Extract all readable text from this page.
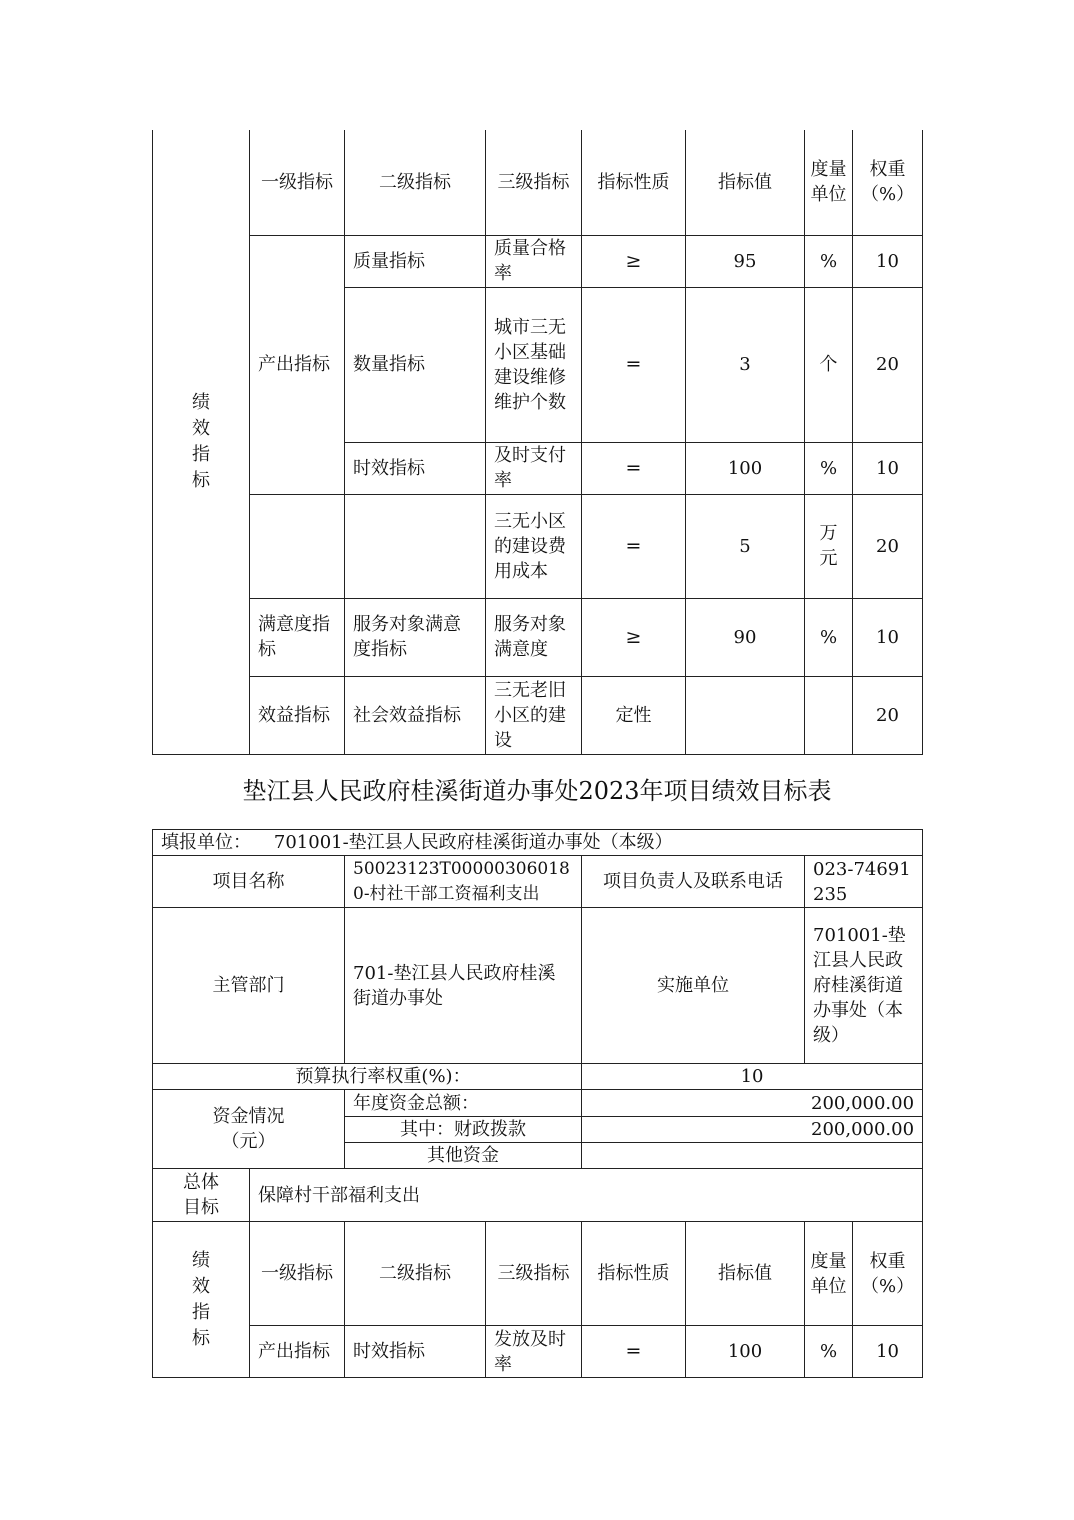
绩效指标	一级指标	二级指标	三级指标	指标性质	指标值	度量单位	权重（%）
	产出指标	质量指标	质量合格率	≥	95	%	10
		数量指标	城市三无小区基础建设维修维护个数	=	3	个	20
		时效指标	及时支付率	=	100	%	10
			三无小区的建设费用成本	=	5	万元	20
	满意度指标	服务对象满意度指标	服务对象满意度	≥	90	%	10
	效益指标	社会效益指标	三无老旧小区的建设	定性			20
垫江县人民政府桂溪街道办事处2023年项目绩效目标表
填报单位： 701001-垫江县人民政府桂溪街道办事处（本级）							
项目名称		50023123T000003060180-村社干部工资福利支出		项目负责人及联系电话		023-74691235	
主管部门		701-垫江县人民政府桂溪街道办事处		实施单位		701001-垫江县人民政府桂溪街道办事处（本级）	
预算执行率权重(%)：				10			

资金情况（元）		年度资金总额：		200,000.00			
		其中：财政拨款		200,000.00			
		其他资金					

总体目标	保障村干部福利支出						

绩效指标	一级指标	二级指标	三级指标	指标性质	指标值	度量单位	权重（%）
	产出指标	时效指标	发放及时率	=	100	%	10
